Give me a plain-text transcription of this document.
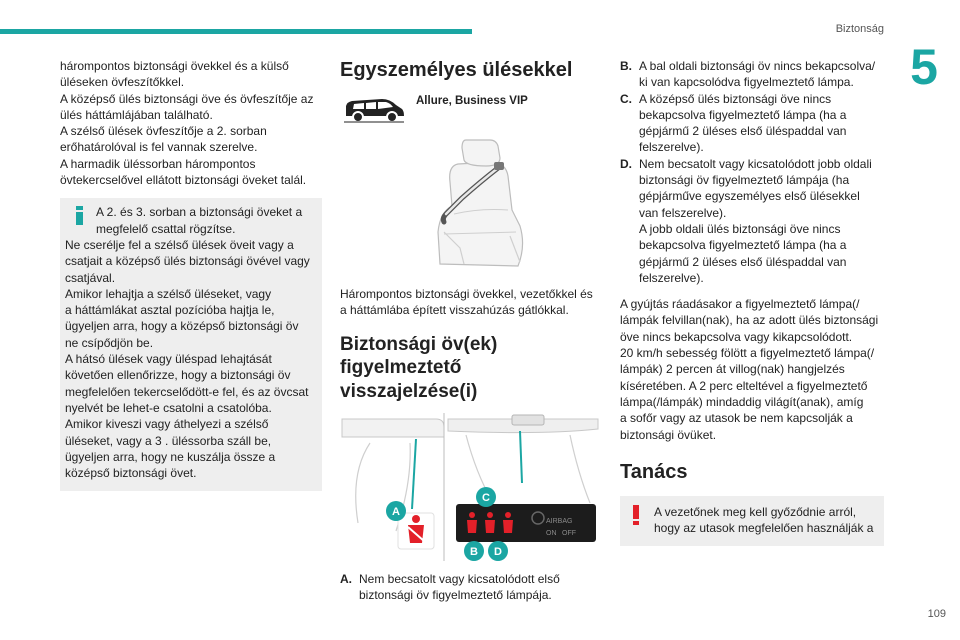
Biztonság
5
hárompontos biztonsági övekkel és a külső
üléseken övfeszítőkkel.
A középső ülés biztonsági öve és övfeszítője az
ülés háttámlájában található.
A szélső ülések övfeszítője a 2. sorban
erőhatárolóval is fel vannak szerelve.
A harmadik üléssorban hárompontos
övtekercselővel ellátott biztonsági öveket talál.
A 2. és 3. sorban a biztonsági öveket a
megfelelő csattal rögzítse.
Ne cserélje fel a szélső ülések öveit vagy a
csatjait a középső ülés biztonsági övével vagy
csatjával.
Amikor lehajtja a szélső üléseket, vagy
a háttámlákat asztal pozícióba hajtja le,
ügyeljen arra, hogy a középső biztonsági öv
ne csípődjön be.
A hátsó ülések vagy üléspad lehajtását
követően ellenőrizze, hogy a biztonsági öv
megfelelően tekercselődött-e fel, és az övcsat
nyelvét be lehet-e csatolni a csatolóba.
Amikor kiveszi vagy áthelyezi a szélső
üléseket, vagy a 3 . üléssorba száll be,
ügyeljen arra, hogy ne kuszálja össze a
középső biztonsági övet.
Egyszemélyes ülésekkel
Allure, Business VIP
Hárompontos biztonsági övekkel, vezetőkkel és
a háttámlába épített visszahúzás gátlókkal.
Biztonsági öv(ek)
figyelmeztető
visszajelzése(i)
AIRBAG
ON OFF
A
C
B D
A. Nem becsatolt vagy kicsatolódott első
biztonsági öv figyelmeztető lámpája.
B. A bal oldali biztonsági öv nincs bekapcsolva/
ki van kapcsolódva figyelmeztető lámpa.
C. A középső ülés biztonsági öve nincs
bekapcsolva figyelmeztető lámpa (ha a
gépjármű 2 üléses első üléspaddal van
felszerelve).
D. Nem becsatolt vagy kicsatolódott jobb oldali
biztonsági öv figyelmeztető lámpája (ha
gépjárműve egyszemélyes első ülésekkel
van felszerelve).
A jobb oldali ülés biztonsági öve nincs
bekapcsolva figyelmeztető lámpa (ha a
gépjármű 2 üléses első üléspaddal van
felszerelve).
A gyújtás ráadásakor a figyelmeztető lámpa(/
lámpák felvillan(nak), ha az adott ülés biztonsági
öve nincs bekapcsolva vagy kikapcsolódott.
20 km/h sebesség fölött a figyelmeztető lámpa(/
lámpák) 2 percen át villog(nak) hangjelzés
kíséretében. A 2 perc elteltével a figyelmeztető
lámpa(/lámpák) mindaddig világít(anak), amíg
a sofőr vagy az utasok be nem kapcsolják a
biztonsági övüket.
Tanács
A vezetőnek meg kell győződnie arról,
hogy az utasok megfelelően használják a
109
